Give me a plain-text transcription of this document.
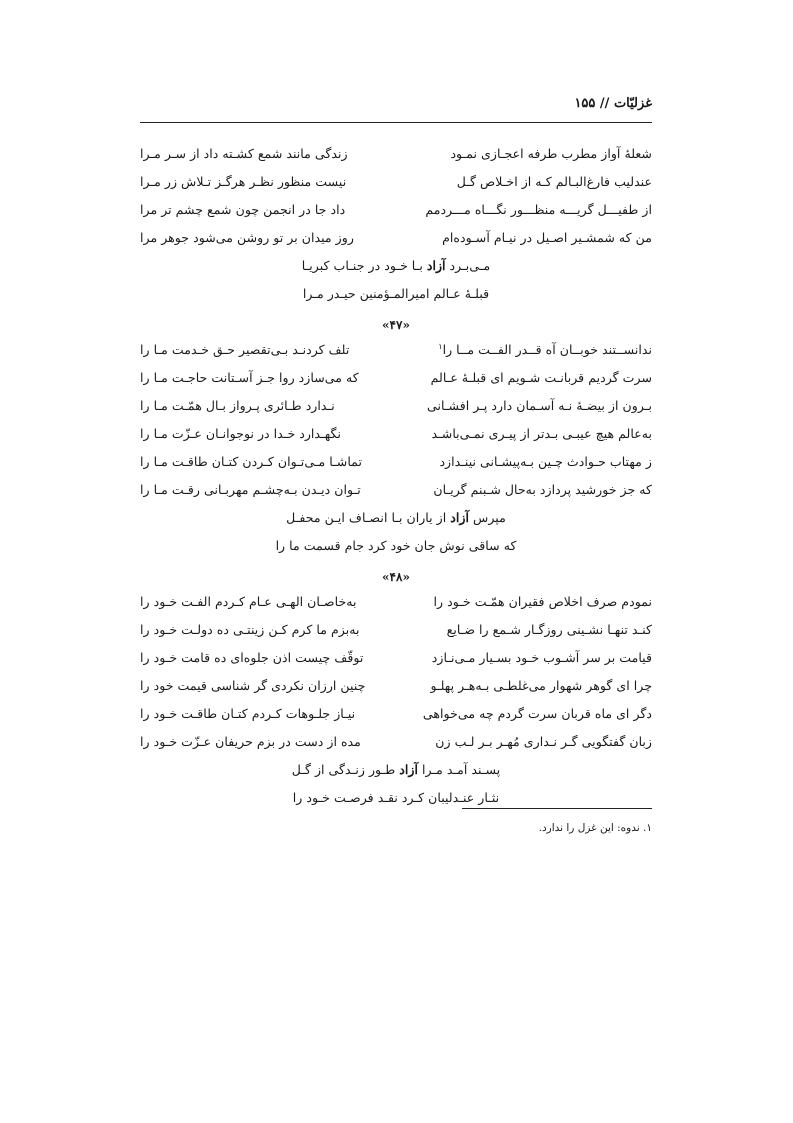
غزلیّات // ۱۵۵
شعلهٔ آواز مطرب طرفه اعجـازی نمـود
زندگی مانند شمع کشـته داد از سـر مـرا
عندلیب فارغ‌البـالم کـه از اخـلاص گـل
نیست منظور نظـر هرگـز تـلاش زر مـرا
از طفیـــل گریـــه منظـــور نگـــاه مـــردمم
داد جا در انجمن چون شمع چشم تر مرا
من که شمشـیر اصـیل در نیـام آسـوده‌ام
روز میدان بر تو روشن می‌شود جوهر مرا
مـی‌بـرد آزاد بـا خـود در جنـاب کبریـا
قبلـهٔ عـالم امیرالمـؤمنین حیـدر مـرا
«۴۷»
ندانســتند خوبــان آه قــدر الفــت مــا را$^۱$
تلف کردنـد بـی‌تقصیر حـق خـدمت مـا را
سرت گردیم قربانـت شـویم ای قبلـهٔ عـالم
که می‌سازد روا جـز آسـتانت حاجـت مـا را
بـرون از بیضـهٔ نـه آسـمان دارد پـر افشـانی
نـدارد طـائری پـرواز بـال همّـت مـا را
به‌عالم هیچ عیبـی بـدتر از پیـری نمـی‌باشـد
نگهـدارد خـدا در نوجوانـان عـزّت مـا را
ز مهتاب حـوادث چـین بـه‌پیشـانی نینـدازد
تماشـا مـی‌تـوان کـردن کتـان طاقـت مـا را
که جز خورشید پردازد به‌حال شـبنم گریـان
تـوان دیـدن بـه‌چشـم مهربـانی رقـت مـا را
مپرس آزاد از یاران بـا انصـاف ایـن محفـل
که ساقی نوش جان خود کرد جام قسمت ما را
«۴۸»
نمودم صرف اخلاص فقیران همّـت خـود را
به‌خاصـان الهـی عـام کـردم الفـت خـود را
کنـد تنهـا نشـینی روزگـار شـمع را ضـایع
به‌بزم ما کرم کـن زینتـی ده دولـت خـود را
قیامت بر سر آشـوب خـود بسـیار مـی‌نـازد
توقّف چیست اذن جلوه‌ای ده قامت خـود را
چرا ای گوهر شهوار می‌غلطـی بـه‌هـر پهلـو
چنین ارزان نکردی گر شناسی قیمت خود را
دگر ای ماه قربان سرت گردم چه می‌خواهی
نیـاز جلـوهات کـردم کتـان طاقـت خـود را
زبان گفتگویی گـر نـداری مُهـر بـر لـب زن
مده از دست در بزم حریفان عـزّت خـود را
پسـند آمـد مـرا آزاد طـور زنـدگی از گـل
نثـار عنـدلیبان کـرد نقـد فرصـت خـود را
۱. ندوه: این غزل را ندارد.
